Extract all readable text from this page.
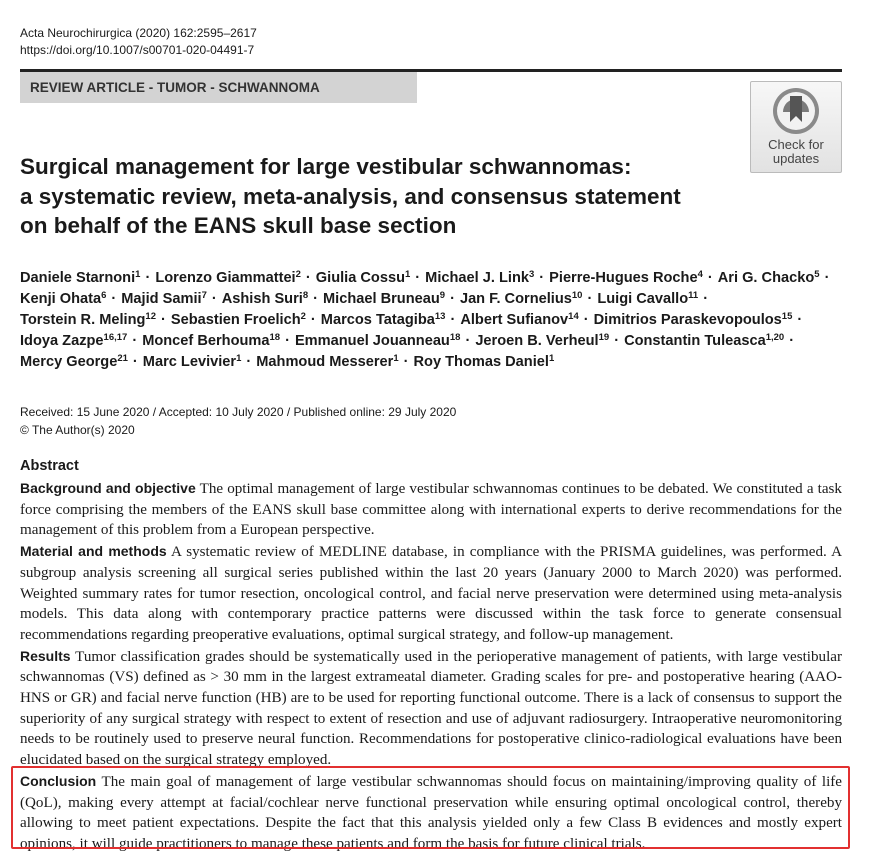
Acta Neurochirurgica (2020) 162:2595–2617
https://doi.org/10.1007/s00701-020-04491-7
REVIEW ARTICLE - TUMOR - SCHWANNOMA
Check for
updates
Surgical management for large vestibular schwannomas:
a systematic review, meta-analysis, and consensus statement
on behalf of the EANS skull base section
Daniele Starnoni$^1$ · Lorenzo Giammattei$^2$ · Giulia Cossu$^1$ · Michael J. Link$^3$ · Pierre-Hugues Roche$^4$ · Ari G. Chacko$^5$ ·
Kenji Ohata$^6$ · Majid Samii$^7$ · Ashish Suri$^8$ · Michael Bruneau$^9$ · Jan F. Cornelius$^{10}$ · Luigi Cavallo$^{11}$ ·
Torstein R. Meling$^{12}$ · Sebastien Froelich$^2$ · Marcos Tatagiba$^{13}$ · Albert Sufianov$^{14}$ · Dimitrios Paraskevopoulos$^{15}$ ·
Idoya Zazpe$^{16,17}$ · Moncef Berhouma$^{18}$ · Emmanuel Jouanneau$^{18}$ · Jeroen B. Verheul$^{19}$ · Constantin Tuleasca$^{1,20}$ ·
Mercy George$^{21}$ · Marc Levivier$^1$ · Mahmoud Messerer$^1$ · Roy Thomas Daniel$^1$
Received: 15 June 2020 / Accepted: 10 July 2020 / Published online: 29 July 2020
© The Author(s) 2020
Abstract

Background and objective The optimal management of large vestibular schwannomas continues to be debated. We constituted a task force comprising the members of the EANS skull base committee along with international experts to derive recommendations for the management of this problem from a European perspective.

Material and methods A systematic review of MEDLINE database, in compliance with the PRISMA guidelines, was performed. A subgroup analysis screening all surgical series published within the last 20 years (January 2000 to March 2020) was performed. Weighted summary rates for tumor resection, oncological control, and facial nerve preservation were determined using meta-analysis models. This data along with contemporary practice patterns were discussed within the task force to generate consensual recommendations regarding preoperative evaluations, optimal surgical strategy, and follow-up management.

Results Tumor classification grades should be systematically used in the perioperative management of patients, with large vestibular schwannomas (VS) defined as > 30 mm in the largest extrameatal diameter. Grading scales for pre- and postoperative hearing (AAO-HNS or GR) and facial nerve function (HB) are to be used for reporting functional outcome. There is a lack of consensus to support the superiority of any surgical strategy with respect to extent of resection and use of adjuvant radiosurgery. Intraoperative neuromonitoring needs to be routinely used to preserve neural function. Recommendations for postoperative clinico-radiological evaluations have been elucidated based on the surgical strategy employed.

Conclusion The main goal of management of large vestibular schwannomas should focus on maintaining/improving quality of life (QoL), making every attempt at facial/cochlear nerve functional preservation while ensuring optimal oncological control, thereby allowing to meet patient expectations. Despite the fact that this analysis yielded only a few Class B evidences and mostly expert opinions, it will guide practitioners to manage these patients and form the basis for future clinical trials.
